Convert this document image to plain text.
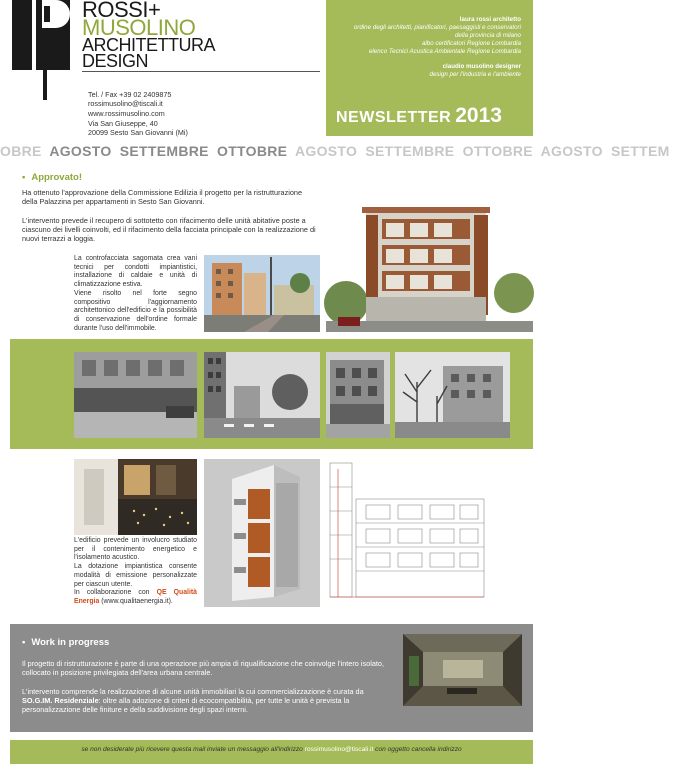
ROSSI+
MUSOLINO
ARCHITETTURA
DESIGN
Tel. / Fax +39 02 2409875
rossimusolino@tiscali.it
www.rossimusolino.com
Via San Giuseppe, 40
20099 Sesto San Giovanni (Mi)
laura rossi architetto
ordine degli architetti, pianificatori, paesaggisti e conservatori
della provincia di milano
albo certificatori Regione Lombardia
elenco Tecnici Acustica Ambientale Regione Lombardia
claudio musolino designer
design per l'industria e l'ambiente
NEWSLETTER 2013
OBRE AGOSTO SETTEMBRE OTTOBRE AGOSTO SETTEMBRE OTTOBRE AGOSTO SETTEM
• Approvato!

Ha ottenuto l'approvazione della Commissione Edilizia il progetto per la ristrutturazione della Palazzina per appartamenti in Sesto San Giovanni.

L'intervento prevede il recupero di sottotetto con rifacimento delle unità abitative poste a ciascuno dei livelli coinvolti, ed il rifacimento della facciata principale con la realizzazione di nuovi terrazzi a loggia.

La controfacciata sagomata crea vani tecnici per condotti impiantistici, installazione di caldaie e unità di climatizzazione estiva.
Viene risolto nel forte segno compositivo l'aggiornamento architettonico dell'edificio e la possibilità di conservazione dell'ordine formale durante l'uso dell'immobile.
L'edificio prevede un involucro studiato per il contenimento energetico e l'isolamento acustico.
La dotazione impiantistica consente modalità di emissione personalizzate per ciascun utente.
In collaborazione con QE Qualità Energia (www.qualitaenergia.it).
• Work in progress

Il progetto di ristrutturazione è parte di una operazione più ampia di riqualificazione che coinvolge l'intero isolato, collocato in posizione privilegiata dell'area urbana centrale.

L'intervento comprende la realizzazione di alcune unità immobiliari la cui commercializzazione è curata da SO.G.IM. Residenziale: oltre alla adozione di criteri di ecocompatibilità, per tutte le unità è prevista la personalizzazione delle finiture e della suddivisione degli spazi interni.

se non desiderate più ricevere questa mail inviate un messaggio all'indirizzo rossimusolino@tiscali.it con oggetto cancella indirizzo
